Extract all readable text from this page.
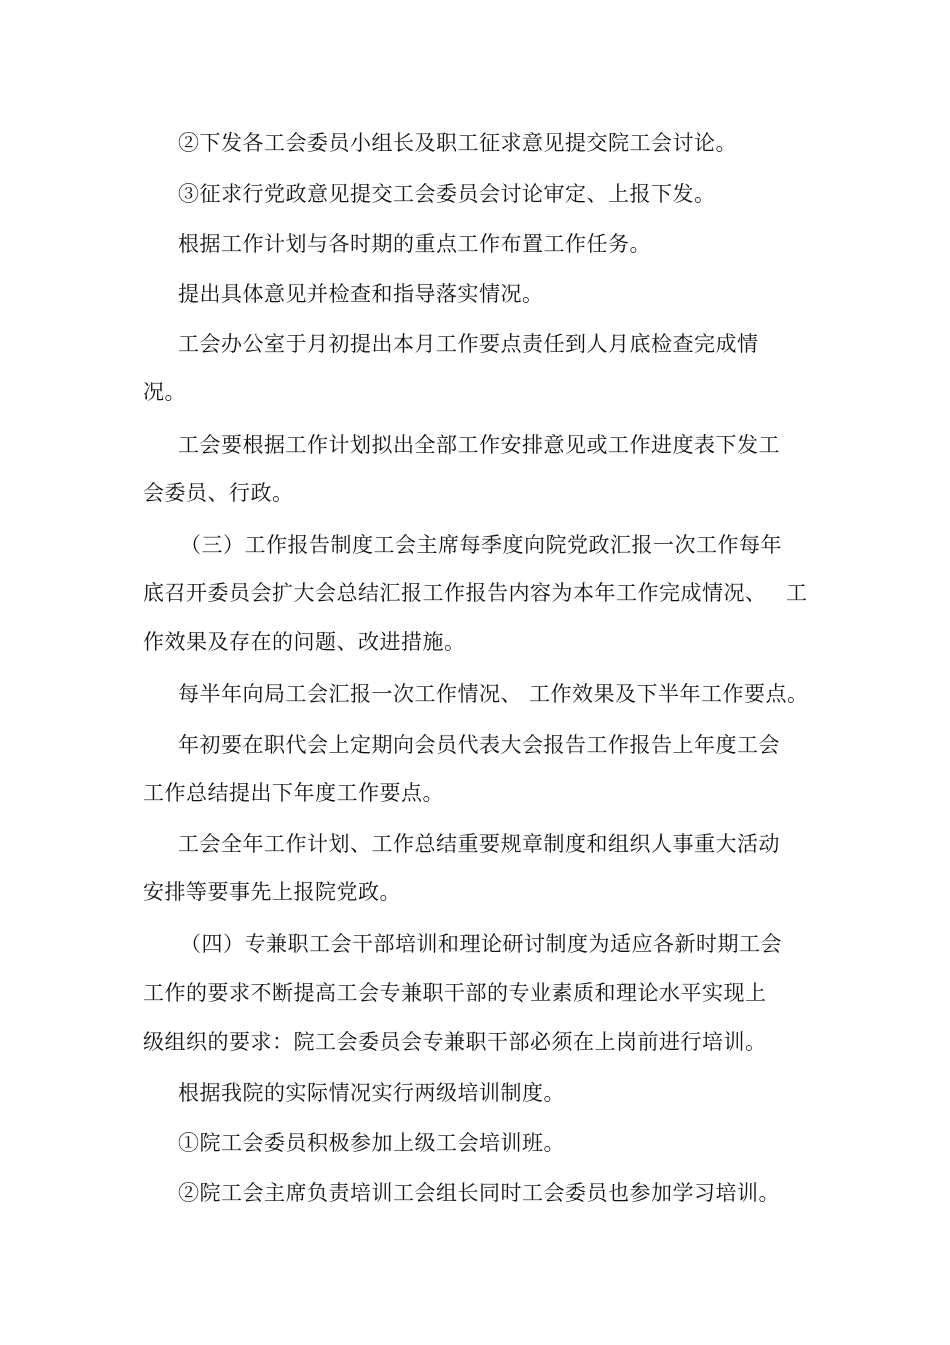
②下发各工会委员小组长及职工征求意见提交院工会讨论。
③征求行党政意见提交工会委员会讨论审定、上报下发。
根据工作计划与各时期的重点工作布置工作任务。
提出具体意见并检查和指导落实情况。
工会办公室于月初提出本月工作要点责任到人月底检查完成情
况。
工会要根据工作计划拟出全部工作安排意见或工作进度表下发工
会委员、行政。
（三）工作报告制度工会主席每季度向院党政汇报一次工作每年
底召开委员会扩大会总结汇报工作报告内容为本年工作完成情况、 工
作效果及存在的问题、改进措施。
每半年向局工会汇报一次工作情况、 工作效果及下半年工作要点。
年初要在职代会上定期向会员代表大会报告工作报告上年度工会
工作总结提出下年度工作要点。
工会全年工作计划、工作总结重要规章制度和组织人事重大活动
安排等要事先上报院党政。
（四）专兼职工会干部培训和理论研讨制度为适应各新时期工会
工作的要求不断提高工会专兼职干部的专业素质和理论水平实现上
级组织的要求：院工会委员会专兼职干部必须在上岗前进行培训。
根据我院的实际情况实行两级培训制度。
①院工会委员积极参加上级工会培训班。
②院工会主席负责培训工会组长同时工会委员也参加学习培训。
